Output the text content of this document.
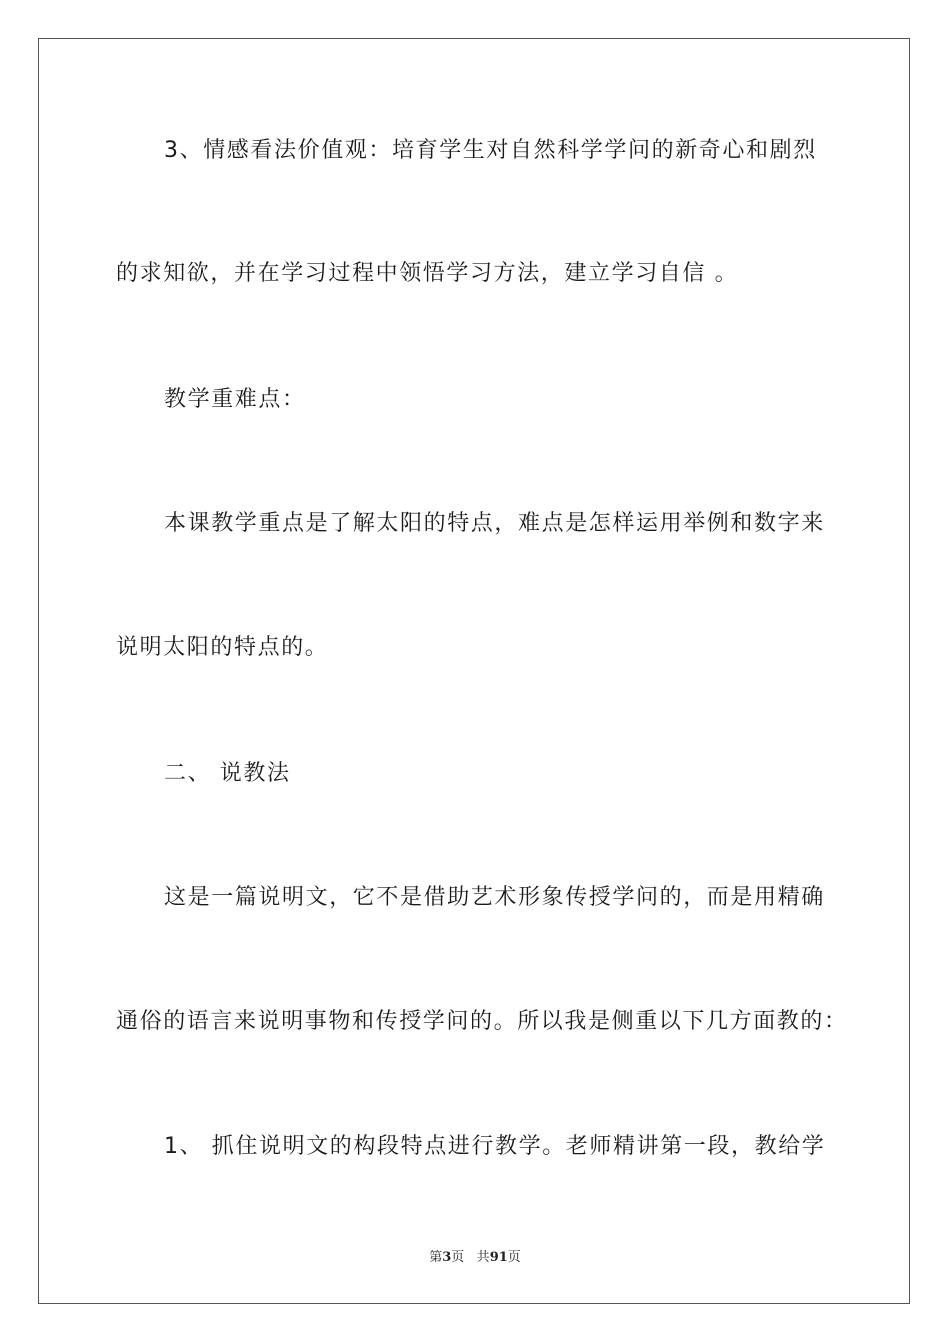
3、情感看法价值观：培育学生对自然科学学问的新奇心和剧烈
的求知欲，并在学习过程中领悟学习方法，建立学习自信 。
教学重难点：
本课教学重点是了解太阳的特点，难点是怎样运用举例和数字来
说明太阳的特点的。
二、 说教法
这是一篇说明文，它不是借助艺术形象传授学问的，而是用精确
通俗的语言来说明事物和传授学问的。所以我是侧重以下几方面教的：
1、 抓住说明文的构段特点进行教学。老师精讲第一段，教给学
第3页 共91页
